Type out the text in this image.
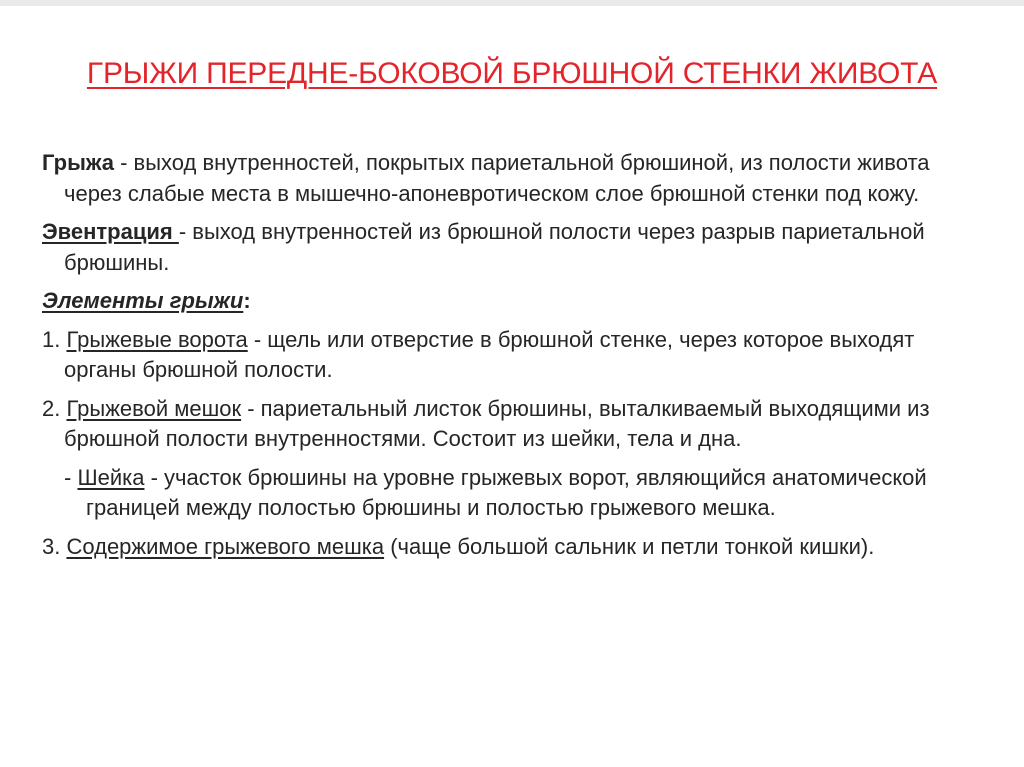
ГРЫЖИ ПЕРЕДНЕ-БОКОВОЙ БРЮШНОЙ СТЕНКИ ЖИВОТА

Грыжа - выход внутренностей, покрытых париетальной брюшиной, из полости живота через слабые места в мышечно-апоневротическом слое брюшной стенки под кожу.

Эвентрация - выход внутренностей из брюшной полости через разрыв париетальной брюшины.

Элементы грыжи:

1. Грыжевые ворота - щель или отверстие в брюшной стенке, через которое выходят органы брюшной полости.

2. Грыжевой мешок - париетальный листок брюшины, выталкиваемый выходящими из брюшной полости внутренностями. Состоит из шейки, тела и дна.

- Шейка - участок брюшины на уровне грыжевых ворот, являющийся анатомической границей между полостью брюшины и полостью грыжевого мешка.

3. Содержимое грыжевого мешка (чаще большой сальник и петли тонкой кишки).
